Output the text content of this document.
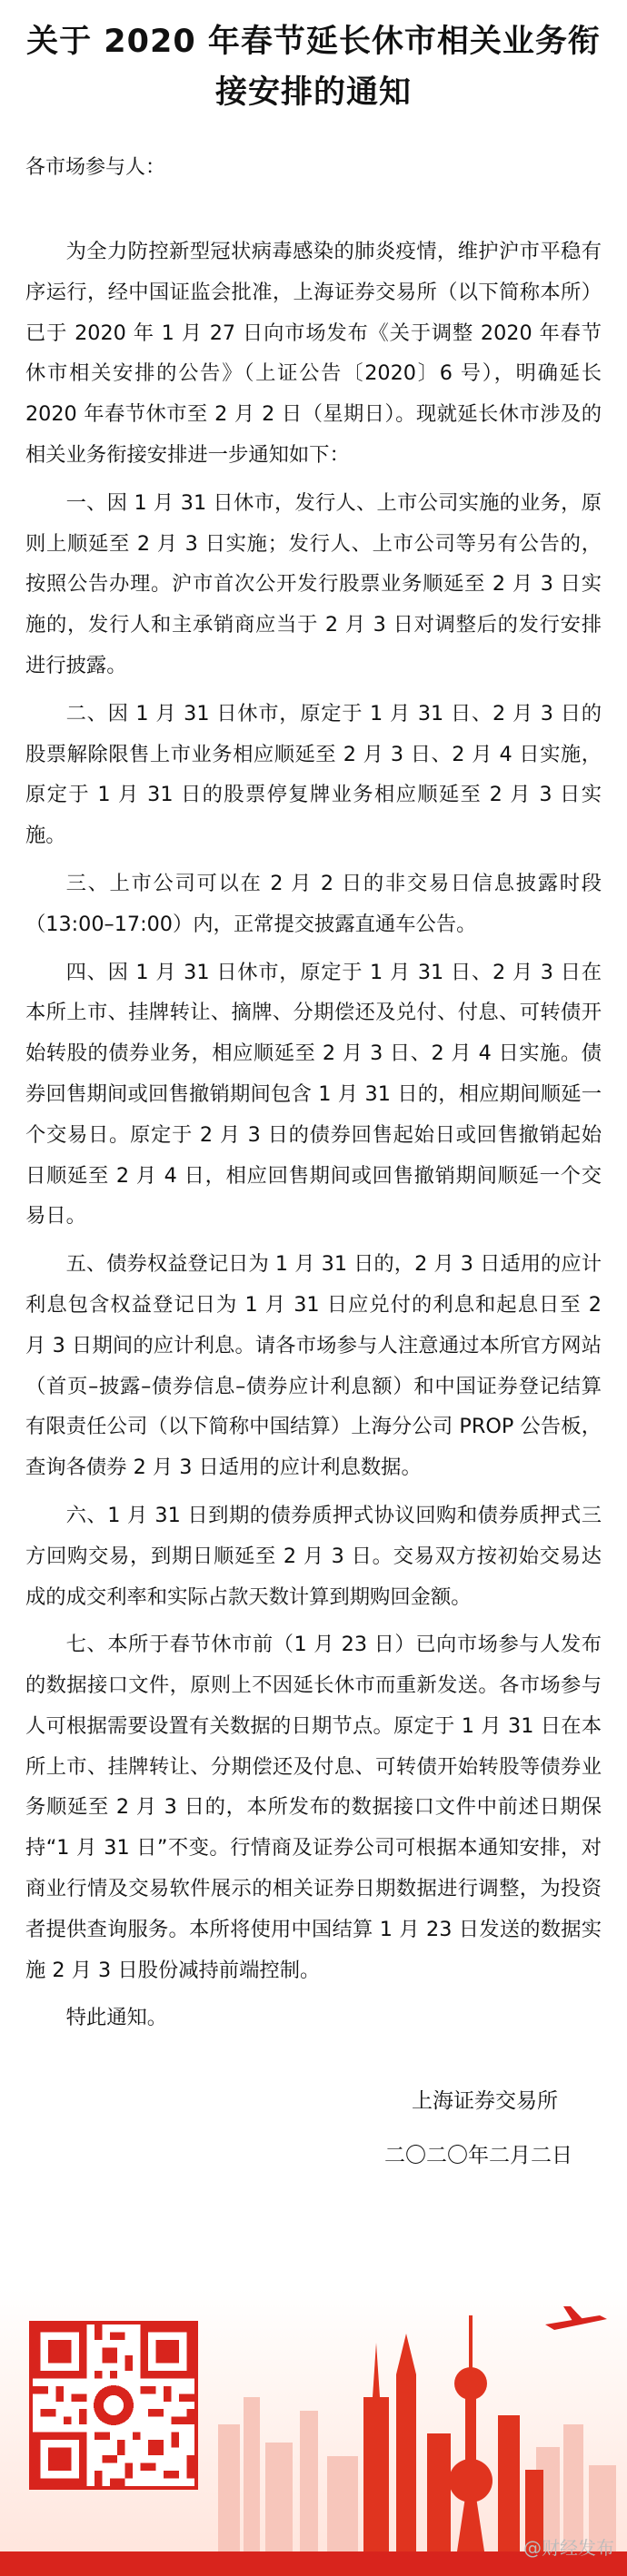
关于 2020 年春节延长休市相关业务衔接安排的通知
各市场参与人：

为全力防控新型冠状病毒感染的肺炎疫情，维护沪市平稳有序运行，经中国证监会批准，上海证券交易所（以下简称本所）已于 2020 年 1 月 27 日向市场发布《关于调整 2020 年春节休市相关安排的公告》（上证公告〔2020〕6 号），明确延长 2020 年春节休市至 2 月 2 日（星期日）。现就延长休市涉及的相关业务衔接安排进一步通知如下：

一、因 1 月 31 日休市，发行人、上市公司实施的业务，原则上顺延至 2 月 3 日实施；发行人、上市公司等另有公告的，按照公告办理。沪市首次公开发行股票业务顺延至 2 月 3 日实施的，发行人和主承销商应当于 2 月 3 日对调整后的发行安排进行披露。

二、因 1 月 31 日休市，原定于 1 月 31 日、2 月 3 日的股票解除限售上市业务相应顺延至 2 月 3 日、2 月 4 日实施，原定于 1 月 31 日的股票停复牌业务相应顺延至 2 月 3 日实施。

三、上市公司可以在 2 月 2 日的非交易日信息披露时段（13:00–17:00）内，正常提交披露直通车公告。

四、因 1 月 31 日休市，原定于 1 月 31 日、2 月 3 日在本所上市、挂牌转让、摘牌、分期偿还及兑付、付息、可转债开始转股的债券业务，相应顺延至 2 月 3 日、2 月 4 日实施。债券回售期间或回售撤销期间包含 1 月 31 日的，相应期间顺延一个交易日。原定于 2 月 3 日的债券回售起始日或回售撤销起始日顺延至 2 月 4 日，相应回售期间或回售撤销期间顺延一个交易日。

五、债券权益登记日为 1 月 31 日的，2 月 3 日适用的应计利息包含权益登记日为 1 月 31 日应兑付的利息和起息日至 2 月 3 日期间的应计利息。请各市场参与人注意通过本所官方网站（首页–披露–债券信息–债券应计利息额）和中国证券登记结算有限责任公司（以下简称中国结算）上海分公司 PROP 公告板，查询各债券 2 月 3 日适用的应计利息数据。

六、1 月 31 日到期的债券质押式协议回购和债券质押式三方回购交易，到期日顺延至 2 月 3 日。交易双方按初始交易达成的成交利率和实际占款天数计算到期购回金额。

七、本所于春节休市前（1 月 23 日）已向市场参与人发布的数据接口文件，原则上不因延长休市而重新发送。各市场参与人可根据需要设置有关数据的日期节点。原定于 1 月 31 日在本所上市、挂牌转让、分期偿还及付息、可转债开始转股等债券业务顺延至 2 月 3 日的，本所发布的数据接口文件中前述日期保持“1 月 31 日”不变。行情商及证券公司可根据本通知安排，对商业行情及交易软件展示的相关证券日期数据进行调整，为投资者提供查询服务。本所将使用中国结算 1 月 23 日发送的数据实施 2 月 3 日股份减持前端控制。

特此通知。

上海证券交易所
二〇二〇年二月二日
@财经发布
